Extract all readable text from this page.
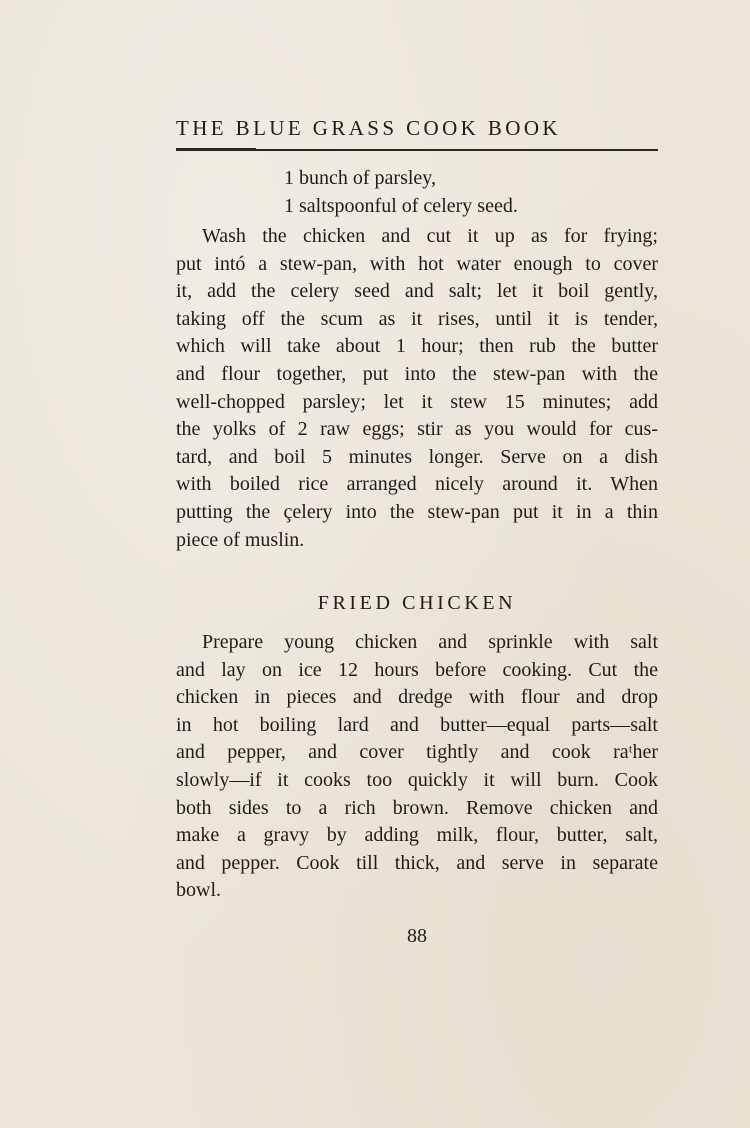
THE BLUE GRASS COOK BOOK
1 bunch of parsley,
1 saltspoonful of celery seed.
Wash the chicken and cut it up as for frying;
put intó a stew-pan, with hot water enough to cover
it, add the celery seed and salt; let it boil gently,
taking off the scum as it rises, until it is tender,
which will take about 1 hour; then rub the butter
and flour together, put into the stew-pan with the
well-chopped parsley; let it stew 15 minutes; add
the yolks of 2 raw eggs; stir as you would for cus-
tard, and boil 5 minutes longer. Serve on a dish
with boiled rice arranged nicely around it. When
putting the çelery into the stew-pan put it in a thin
piece of muslin.
FRIED CHICKEN
Prepare young chicken and sprinkle with salt
and lay on ice 12 hours before cooking. Cut the
chicken in pieces and dredge with flour and drop
in hot boiling lard and butter—equal parts—salt
and pepper, and cover tightly and cook raᵗher
slowly—if it cooks too quickly it will burn. Cook
both sides to a rich brown. Remove chicken and
make a gravy by adding milk, flour, butter, salt,
and pepper. Cook till thick, and serve in separate
bowl.
88
